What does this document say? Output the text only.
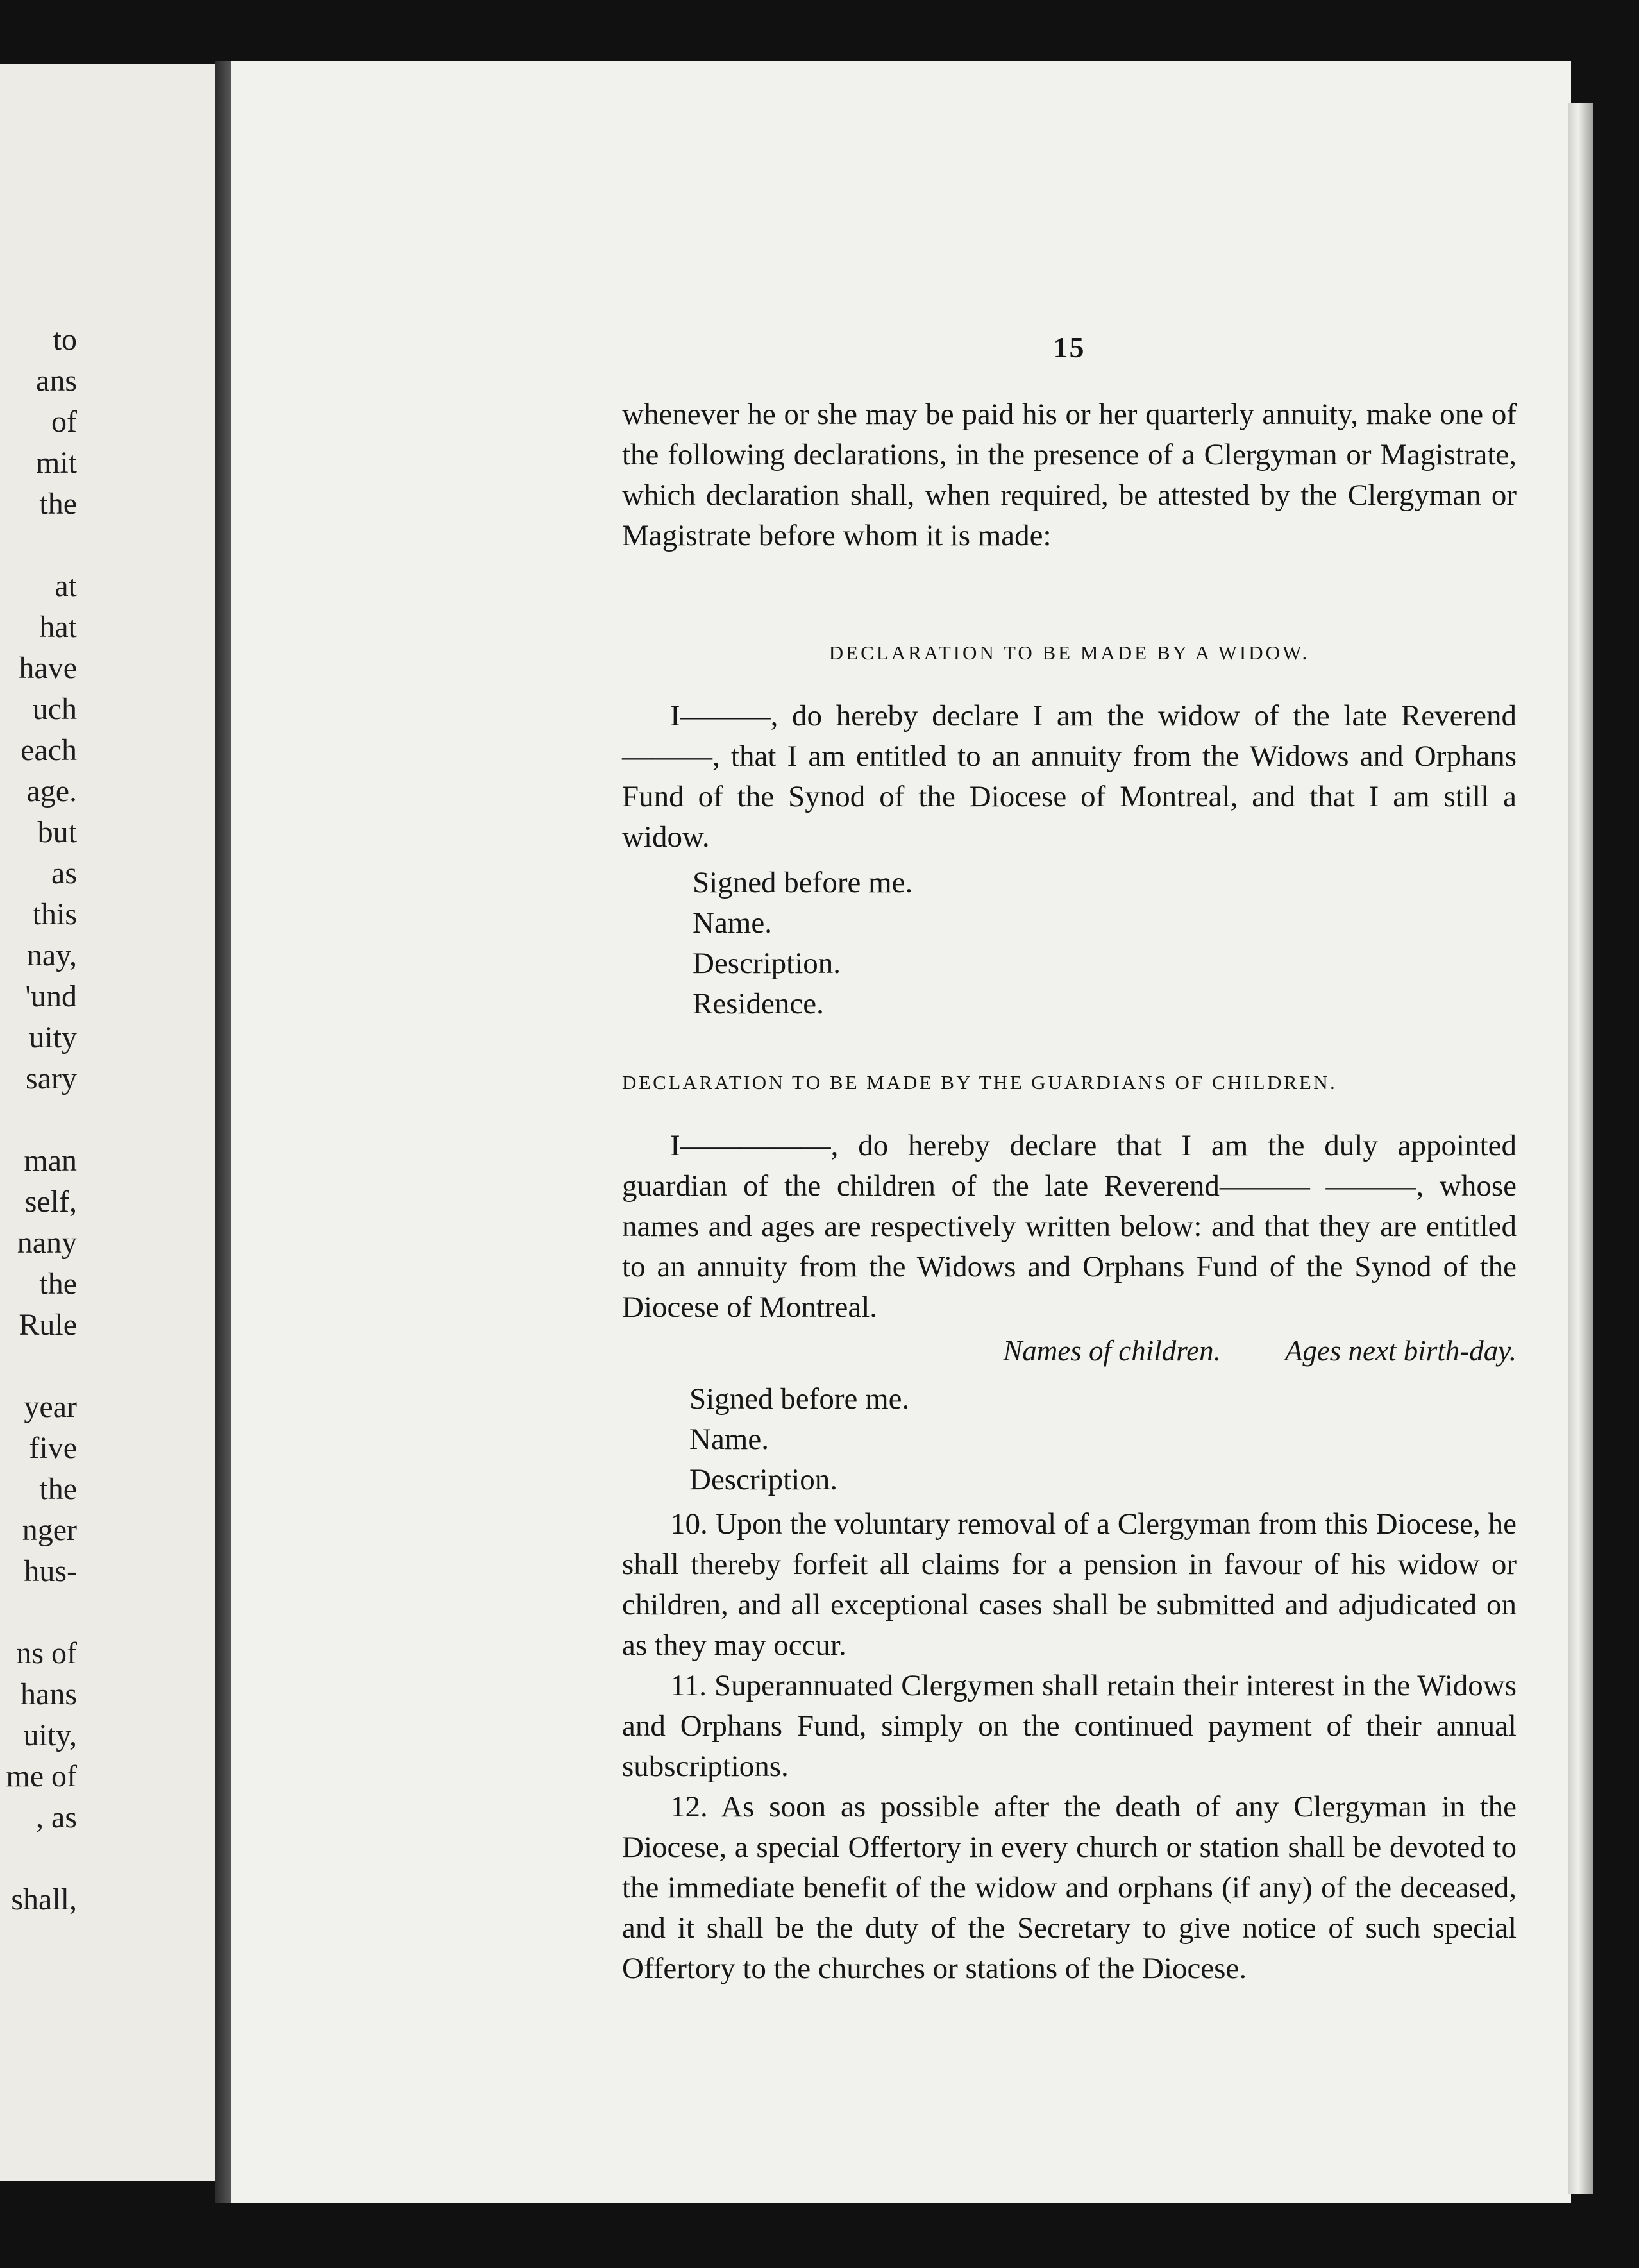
to
ans
of
mit
the
at
hat
have
uch
each
age.
but
as
this
nay,
'und
uity
sary
man
self,
nany
the
Rule
year
five
the
nger
hus-
ns of
hans
uity,
me of
, as
shall,
15

whenever he or she may be paid his or her quarterly annuity, make one of the following declarations, in the presence of a Clergyman or Magistrate, which declaration shall, when required, be attested by the Clergyman or Magistrate before whom it is made:

DECLARATION TO BE MADE BY A WIDOW.

I———, do hereby declare I am the widow of the late Reverend———, that I am entitled to an annuity from the Widows and Orphans Fund of the Synod of the Diocese of Montreal, and that I am still a widow.

Signed before me.
Name.
Description.
Residence.
DECLARATION TO BE MADE BY THE GUARDIANS OF CHILDREN.

I—————, do hereby declare that I am the duly appointed guardian of the children of the late Reverend——— ———, whose names and ages are respectively written below: and that they are entitled to an annuity from the Widows and Orphans Fund of the Synod of the Diocese of Montreal.

Names of children. Ages next birth-day.
Signed before me.
Name.
Description.

10. Upon the voluntary removal of a Clergyman from this Diocese, he shall thereby forfeit all claims for a pension in favour of his widow or children, and all exceptional cases shall be submitted and adjudicated on as they may occur.

11. Superannuated Clergymen shall retain their interest in the Widows and Orphans Fund, simply on the continued payment of their annual subscriptions.

12. As soon as possible after the death of any Clergyman in the Diocese, a special Offertory in every church or station shall be devoted to the immediate benefit of the widow and orphans (if any) of the deceased, and it shall be the duty of the Secretary to give notice of such special Offertory to the churches or stations of the Diocese.
